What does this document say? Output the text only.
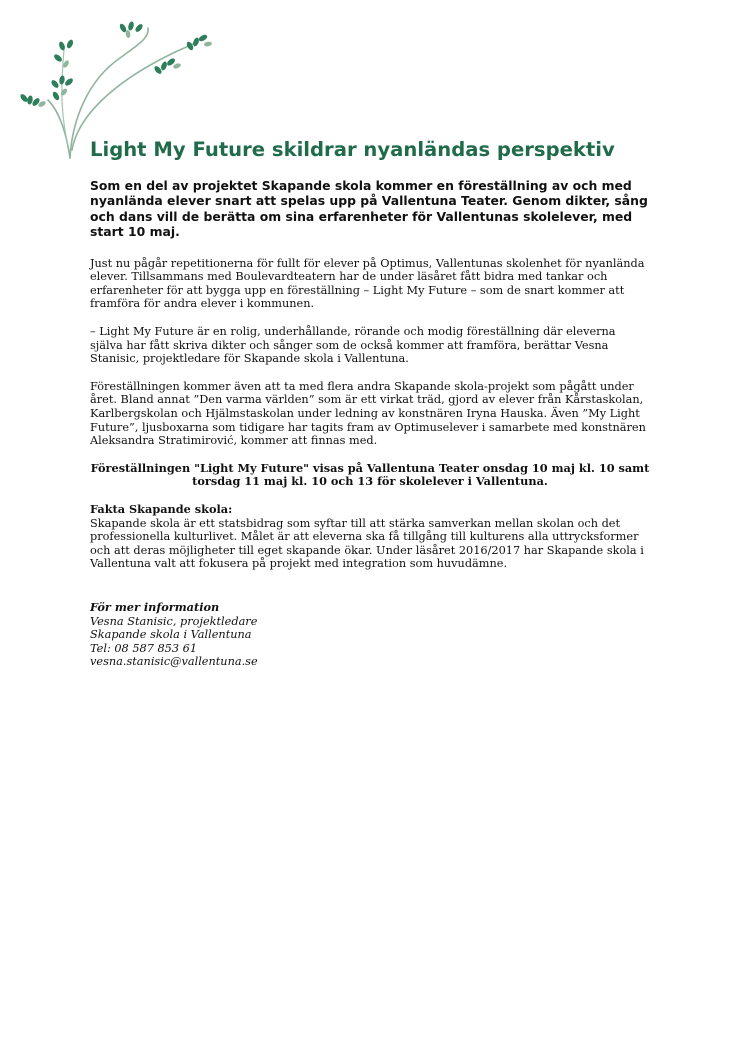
Light My Future skildrar nyanländas perspektiv

Som en del av projektet Skapande skola kommer en föreställning av och med nyanlända elever snart att spelas upp på Vallentuna Teater. Genom dikter, sång och dans vill de berätta om sina erfarenheter för Vallentunas skolelever, med start 10 maj.

Just nu pågår repetitionerna för fullt för elever på Optimus, Vallentunas skolenhet för nyanlända elever. Tillsammans med Boulevardteatern har de under läsåret fått bidra med tankar och erfarenheter för att bygga upp en föreställning – Light My Future – som de snart kommer att framföra för andra elever i kommunen.

– Light My Future är en rolig, underhållande, rörande och modig föreställning där eleverna själva har fått skriva dikter och sånger som de också kommer att framföra, berättar Vesna Stanisic, projektledare för Skapande skola i Vallentuna.

Föreställningen kommer även att ta med flera andra Skapande skola-projekt som pågått under året. Bland annat ”Den varma världen” som är ett virkat träd, gjord av elever från Kårstaskolan, Karlbergskolan och Hjälmstaskolan under ledning av konstnären Iryna Hauska. Även ”My Light Future”, ljusboxarna som tidigare har tagits fram av Optimuselever i samarbete med konstnären Aleksandra Stratimirović, kommer att finnas med.

Föreställningen "Light My Future" visas på Vallentuna Teater onsdag 10 maj kl. 10 samt torsdag 11 maj kl. 10 och 13 för skolelever i Vallentuna.

Fakta Skapande skola:

Skapande skola är ett statsbidrag som syftar till att stärka samverkan mellan skolan och det professionella kulturlivet. Målet är att eleverna ska få tillgång till kulturens alla uttrycksformer och att deras möjligheter till eget skapande ökar. Under läsåret 2016/2017 har Skapande skola i Vallentuna valt att fokusera på projekt med integration som huvudämne.

För mer information
Vesna Stanisic, projektledare
Skapande skola i Vallentuna
Tel: 08 587 853 61
vesna.stanisic@vallentuna.se
